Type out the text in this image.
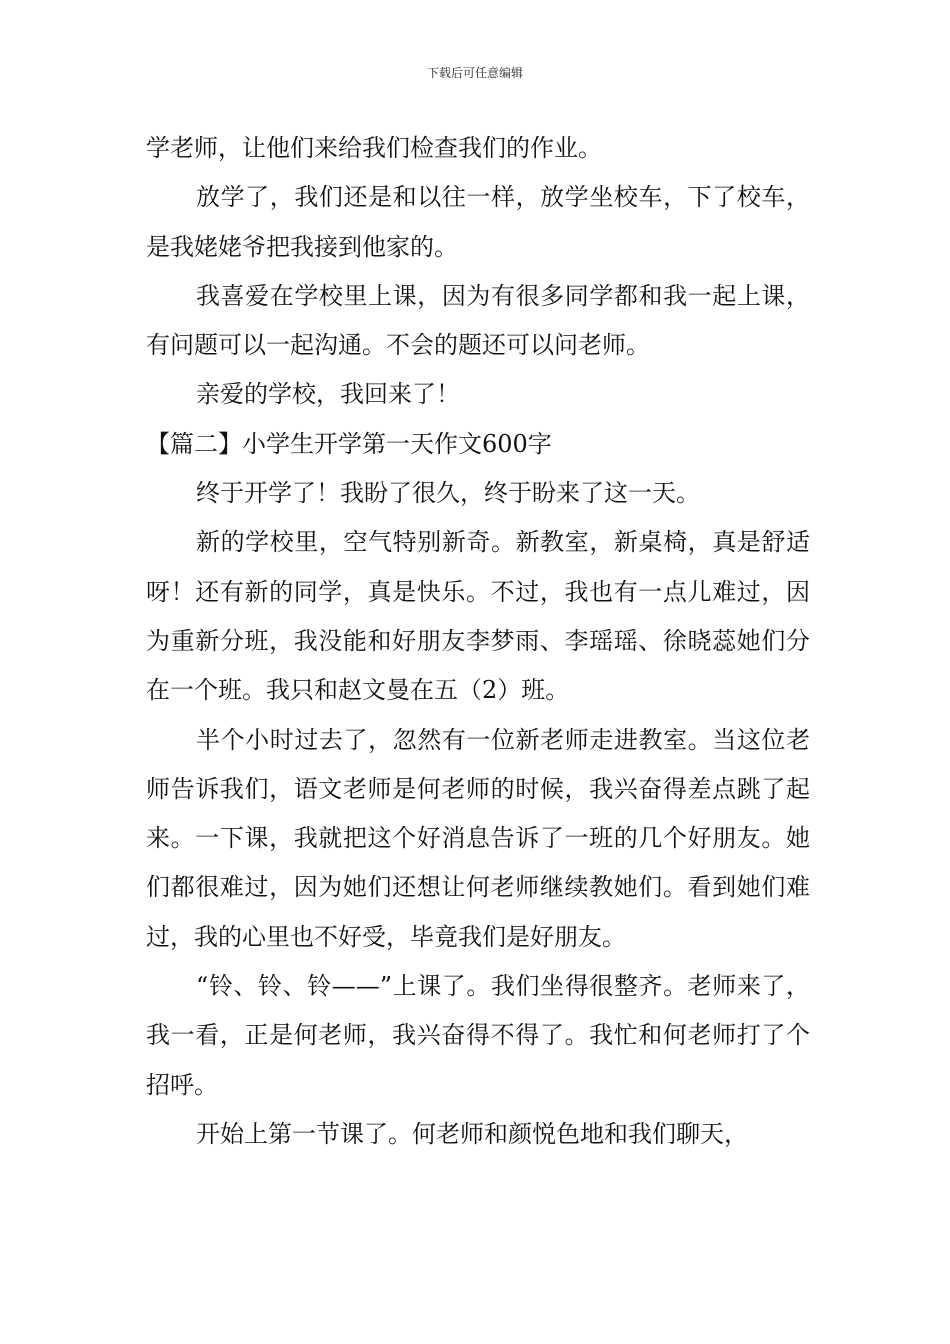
下载后可任意编辑

学老师，让他们来给我们检查我们的作业。

放学了，我们还是和以往一样，放学坐校车，下了校车，是我姥姥爷把我接到他家的。

我喜爱在学校里上课，因为有很多同学都和我一起上课，有问题可以一起沟通。不会的题还可以问老师。

亲爱的学校，我回来了！

【篇二】小学生开学第一天作文600字

终于开学了！我盼了很久，终于盼来了这一天。

新的学校里，空气特别新奇。新教室，新桌椅，真是舒适呀！还有新的同学，真是快乐。不过，我也有一点儿难过，因为重新分班，我没能和好朋友李梦雨、李瑶瑶、徐晓蕊她们分在一个班。我只和赵文曼在五（2）班。

半个小时过去了，忽然有一位新老师走进教室。当这位老师告诉我们，语文老师是何老师的时候，我兴奋得差点跳了起来。一下课，我就把这个好消息告诉了一班的几个好朋友。她们都很难过，因为她们还想让何老师继续教她们。看到她们难过，我的心里也不好受，毕竟我们是好朋友。

“铃、铃、铃——”上课了。我们坐得很整齐。老师来了，我一看，正是何老师，我兴奋得不得了。我忙和何老师打了个招呼。

开始上第一节课了。何老师和颜悦色地和我们聊天，
